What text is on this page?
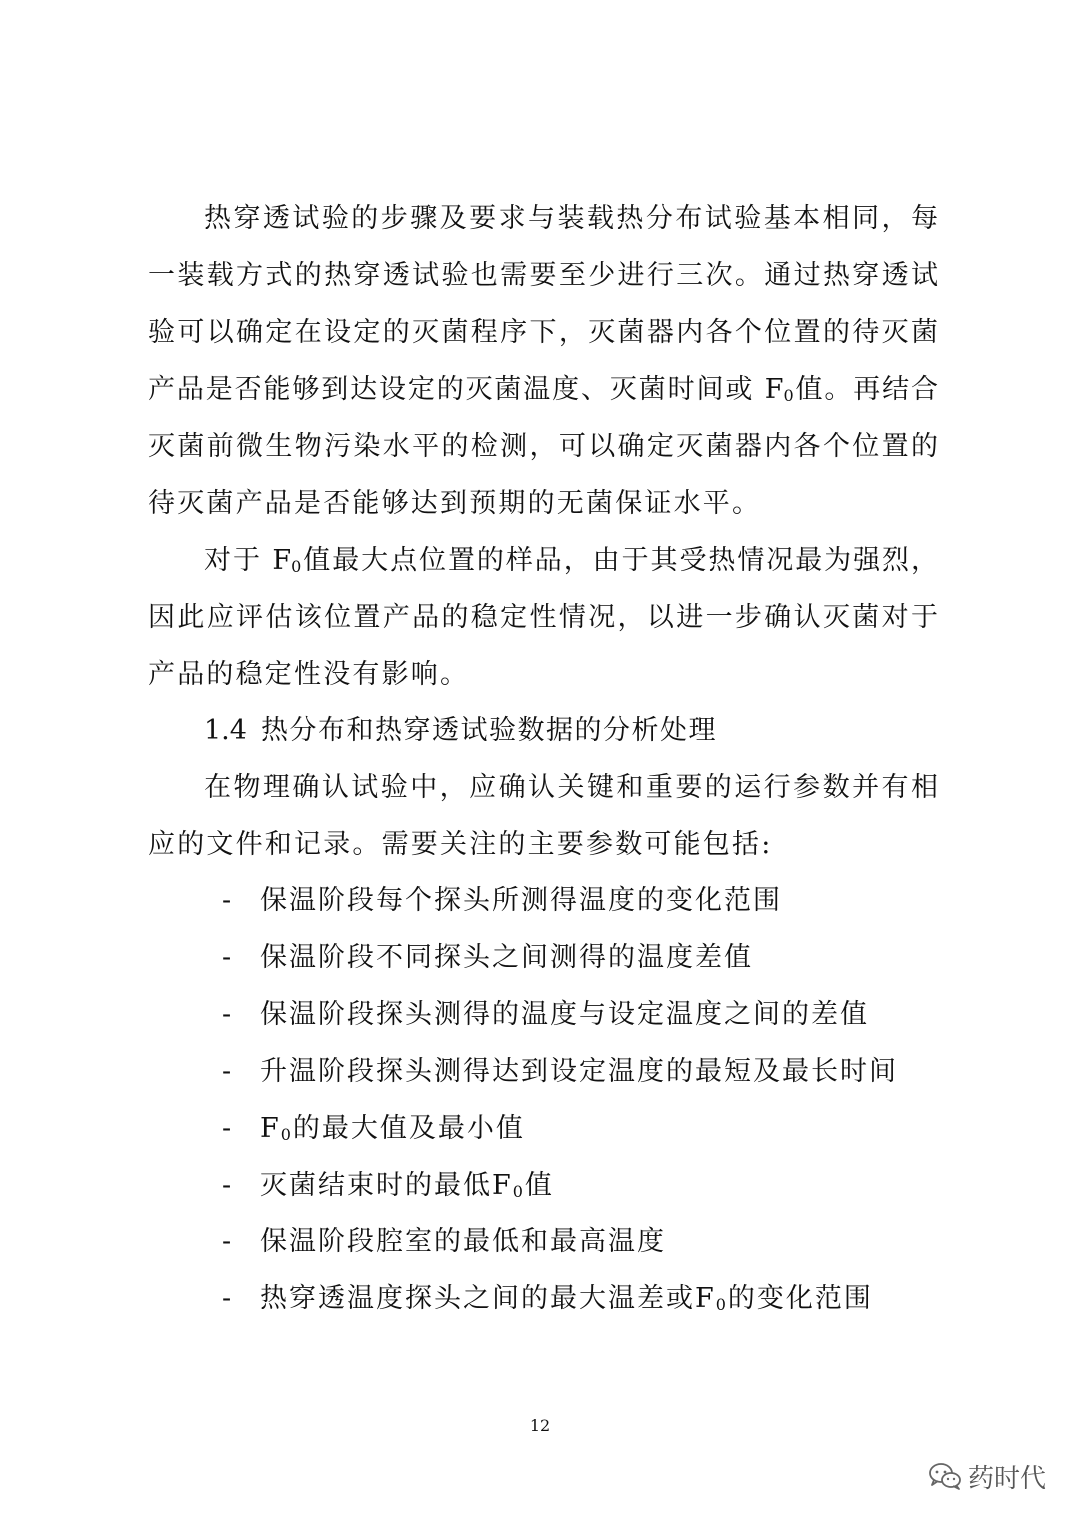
热穿透试验的步骤及要求与装载热分布试验基本相同，每
一装载方式的热穿透试验也需要至少进行三次。通过热穿透试
验可以确定在设定的灭菌程序下，灭菌器内各个位置的待灭菌
产品是否能够到达设定的灭菌温度、灭菌时间或 $F_0$值。再结合
灭菌前微生物污染水平的检测，可以确定灭菌器内各个位置的
待灭菌产品是否能够达到预期的无菌保证水平。
对于 $F_0$值最大点位置的样品，由于其受热情况最为强烈，
因此应评估该位置产品的稳定性情况，以进一步确认灭菌对于
产品的稳定性没有影响。
1.4 热分布和热穿透试验数据的分析处理
在物理确认试验中，应确认关键和重要的运行参数并有相
应的文件和记录。需要关注的主要参数可能包括:
- 保温阶段每个探头所测得温度的变化范围
- 保温阶段不同探头之间测得的温度差值
- 保温阶段探头测得的温度与设定温度之间的差值
- 升温阶段探头测得达到设定温度的最短及最长时间
- $F_0$的最大值及最小值
- 灭菌结束时的最低$F_0$值
- 保温阶段腔室的最低和最高温度
- 热穿透温度探头之间的最大温差或$F_0$的变化范围
12
药时代
